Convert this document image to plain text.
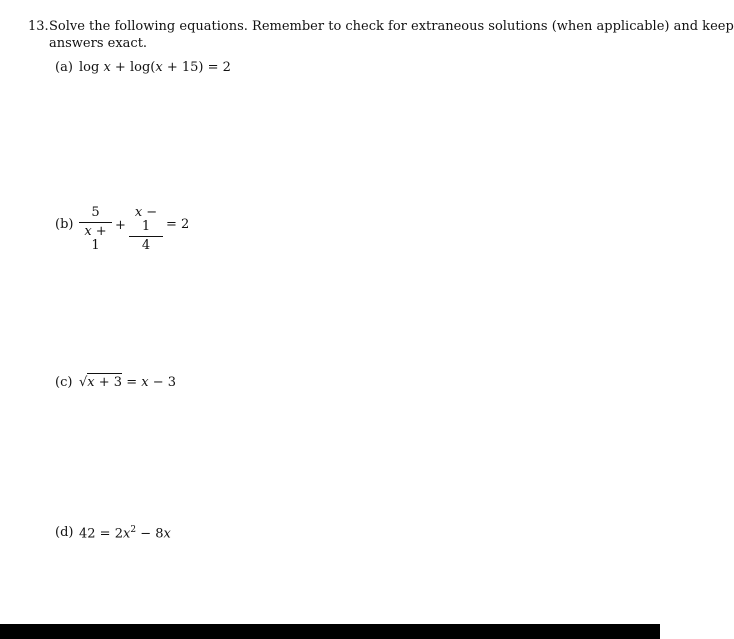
13. Solve the following equations. Remember to check for extraneous solutions (when applicable) and keep
answers exact.
(a) log x + log(x + 15) = 2
(b)
5
x + 1
+
x − 1
4
= 2
(c) √x + 3 = x − 3
(d) $42 = 2x^2 - 8x$
